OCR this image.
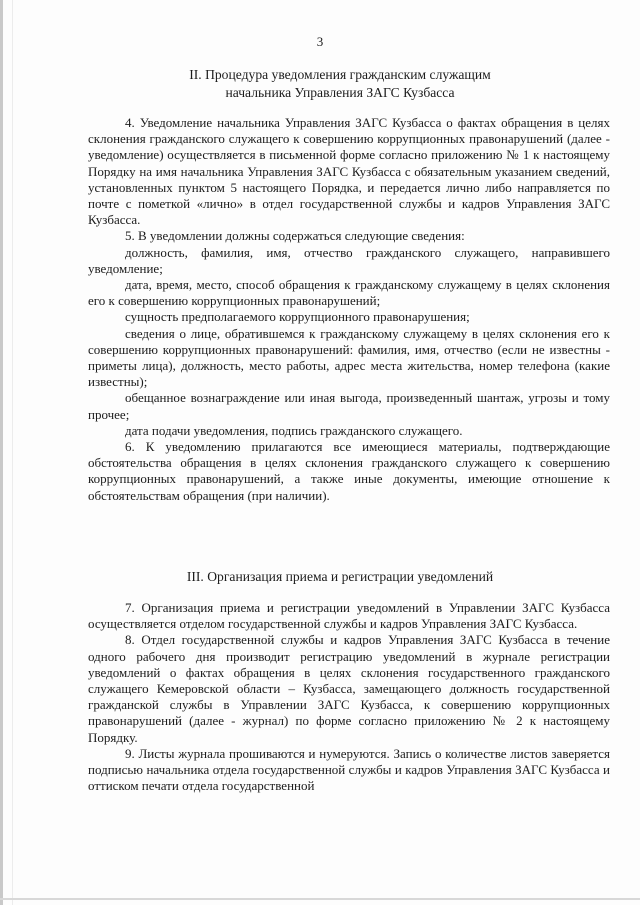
3
II. Процедура уведомления гражданским служащим
начальника Управления ЗАГС Кузбасса

4. Уведомление начальника Управления ЗАГС Кузбасса о фактах обращения в целях склонения гражданского служащего к совершению коррупционных правонарушений (далее - уведомление) осуществляется в письменной форме согласно приложению № 1 к настоящему Порядку на имя начальника Управления ЗАГС Кузбасса с обязательным указанием сведений, установленных пунктом 5 настоящего Порядка, и передается лично либо направляется по почте с пометкой «лично» в отдел государственной службы и кадров Управления ЗАГС Кузбасса.

5. В уведомлении должны содержаться следующие сведения:

должность, фамилия, имя, отчество гражданского служащего, направившего уведомление;

дата, время, место, способ обращения к гражданскому служащему в целях склонения его к совершению коррупционных правонарушений;

сущность предполагаемого коррупционного правонарушения;

сведения о лице, обратившемся к гражданскому служащему в целях склонения его к совершению коррупционных правонарушений: фамилия, имя, отчество (если не известны - приметы лица), должность, место работы, адрес места жительства, номер телефона (какие известны);

обещанное вознаграждение или иная выгода, произведенный шантаж, угрозы и тому прочее;

дата подачи уведомления, подпись гражданского служащего.

6. К уведомлению прилагаются все имеющиеся материалы, подтверждающие обстоятельства обращения в целях склонения гражданского служащего к совершению коррупционных правонарушений, а также иные документы, имеющие отношение к обстоятельствам обращения (при наличии).

III. Организация приема и регистрации уведомлений

7. Организация приема и регистрации уведомлений в Управлении ЗАГС Кузбасса осуществляется отделом государственной службы и кадров Управления ЗАГС Кузбасса.

8. Отдел государственной службы и кадров Управления ЗАГС Кузбасса в течение одного рабочего дня производит регистрацию уведомлений в журнале регистрации уведомлений о фактах обращения в целях склонения государственного гражданского служащего Кемеровской области – Кузбасса, замещающего должность государственной гражданской службы в Управлении ЗАГС Кузбасса, к совершению коррупционных правонарушений (далее - журнал) по форме согласно приложению № 2 к настоящему Порядку.

9. Листы журнала прошиваются и нумеруются. Запись о количестве листов заверяется подписью начальника отдела государственной службы и кадров Управления ЗАГС Кузбасса и оттиском печати отдела государственной
